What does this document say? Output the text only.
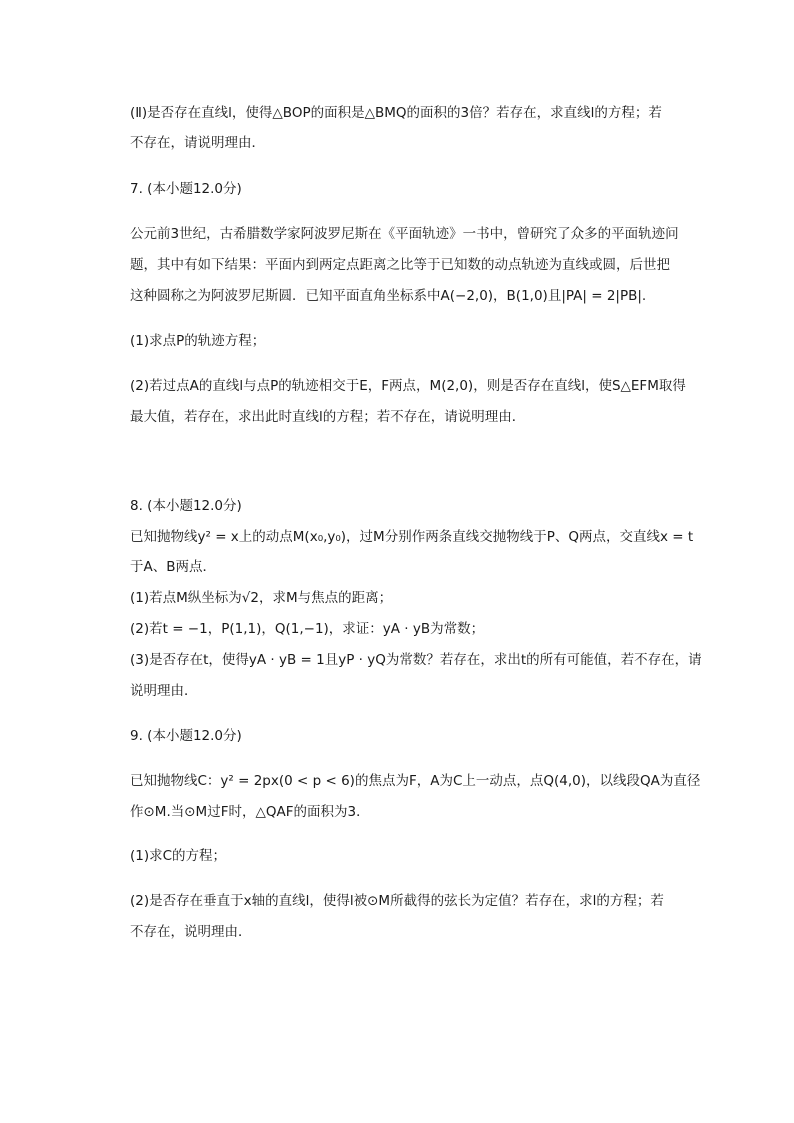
(Ⅱ)是否存在直线l，使得△BOP的面积是△BMQ的面积的3倍？若存在，求直线l的方程；若
不存在，请说明理由．
7. (本小题12.0分)
公元前3世纪，古希腊数学家阿波罗尼斯在《平面轨迹》一书中，曾研究了众多的平面轨迹问
题，其中有如下结果：平面内到两定点距离之比等于已知数的动点轨迹为直线或圆，后世把
这种圆称之为阿波罗尼斯圆．已知平面直角坐标系中A(−2,0)，B(1,0)且|PA| = 2|PB|.
(1)求点P的轨迹方程；
(2)若过点A的直线l与点P的轨迹相交于E，F两点，M(2,0)，则是否存在直线l，使S△EFM取得
最大值，若存在，求出此时直线l的方程；若不存在，请说明理由．
8. (本小题12.0分)
已知抛物线y² = x上的动点M(x₀,y₀)，过M分别作两条直线交抛物线于P、Q两点，交直线x = t
于A、B两点．
(1)若点M纵坐标为√2，求M与焦点的距离；
(2)若t = −1，P(1,1)，Q(1,−1)，求证：yA · yB为常数；
(3)是否存在t，使得yA · yB = 1且yP · yQ为常数？若存在，求出t的所有可能值，若不存在，请
说明理由．
9. (本小题12.0分)
已知抛物线C：y² = 2px(0 < p < 6)的焦点为F，A为C上一动点，点Q(4,0)，以线段QA为直径
作⊙M.当⊙M过F时，△QAF的面积为3．
(1)求C的方程；
(2)是否存在垂直于x轴的直线l，使得l被⊙M所截得的弦长为定值？若存在，求l的方程；若
不存在，说明理由．
